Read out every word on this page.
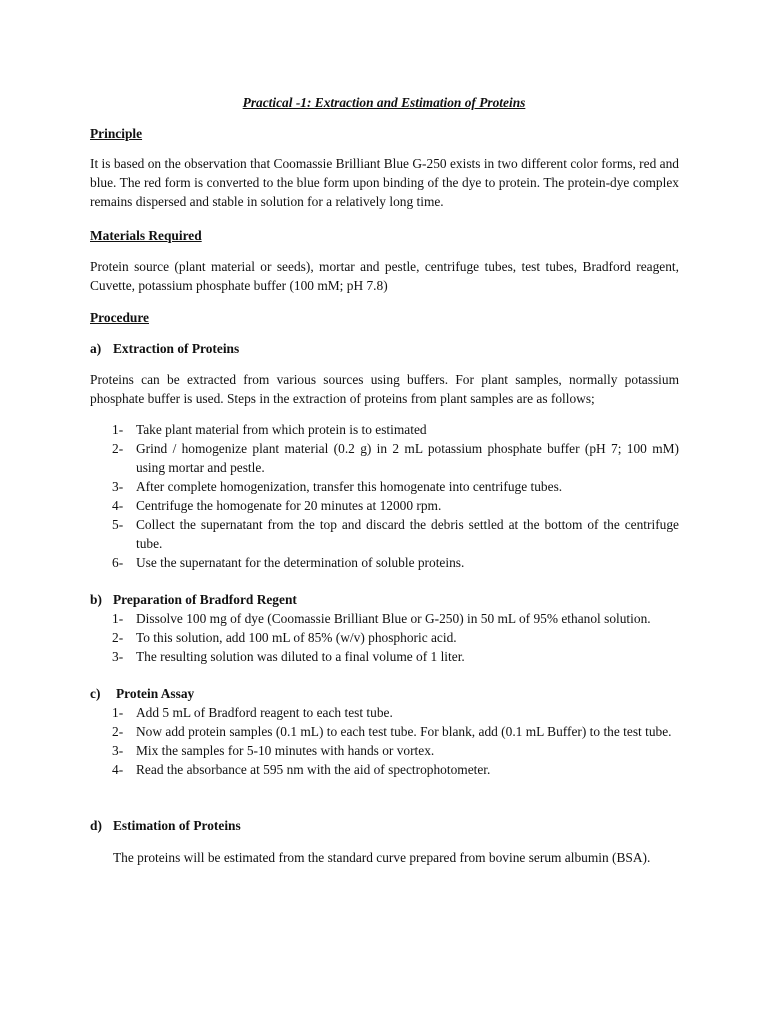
Practical -1: Extraction and Estimation of Proteins
Principle
It is based on the observation that Coomassie Brilliant Blue G-250 exists in two different color forms, red and blue. The red form is converted to the blue form upon binding of the dye to protein. The protein-dye complex remains dispersed and stable in solution for a relatively long time.
Materials Required
Protein source (plant material or seeds), mortar and pestle, centrifuge tubes, test tubes, Bradford reagent, Cuvette, potassium phosphate buffer (100 mM; pH 7.8)
Procedure
a) Extraction of Proteins
Proteins can be extracted from various sources using buffers. For plant samples, normally potassium phosphate buffer is used. Steps in the extraction of proteins from plant samples are as follows;
1- Take plant material from which protein is to estimated
2- Grind / homogenize plant material (0.2 g) in 2 mL potassium phosphate buffer (pH 7; 100 mM) using mortar and pestle.
3- After complete homogenization, transfer this homogenate into centrifuge tubes.
4- Centrifuge the homogenate for 20 minutes at 12000 rpm.
5- Collect the supernatant from the top and discard the debris settled at the bottom of the centrifuge tube.
6- Use the supernatant for the determination of soluble proteins.
b) Preparation of Bradford Regent
1- Dissolve 100 mg of dye (Coomassie Brilliant Blue or G-250) in 50 mL of 95% ethanol solution.
2- To this solution, add 100 mL of 85% (w/v) phosphoric acid.
3- The resulting solution was diluted to a final volume of 1 liter.
c) Protein Assay
1- Add 5 mL of Bradford reagent to each test tube.
2- Now add protein samples (0.1 mL) to each test tube. For blank, add (0.1 mL Buffer) to the test tube.
3- Mix the samples for 5-10 minutes with hands or vortex.
4- Read the absorbance at 595 nm with the aid of spectrophotometer.
d) Estimation of Proteins
The proteins will be estimated from the standard curve prepared from bovine serum albumin (BSA).
